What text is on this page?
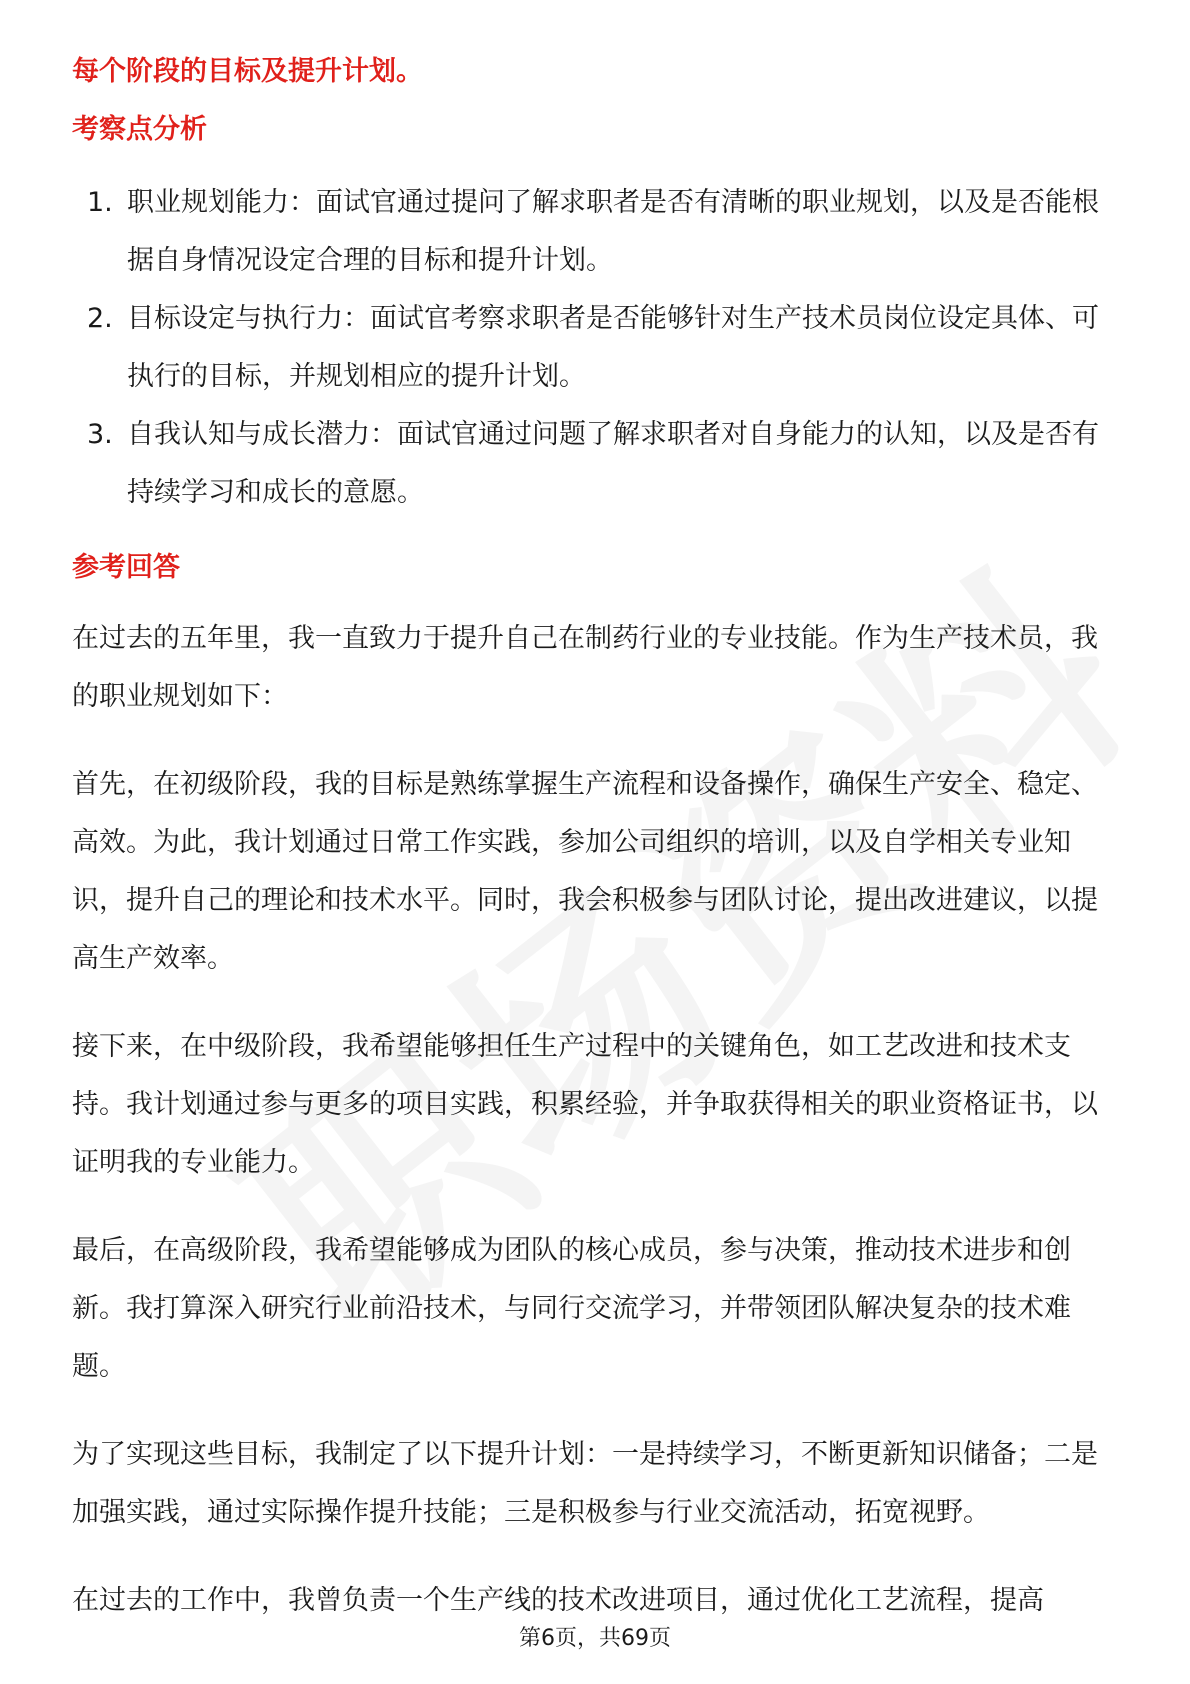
每个阶段的目标及提升计划。

考察点分析

1. 职业规划能力：面试官通过提问了解求职者是否有清晰的职业规划，以及是否能根据自身情况设定合理的目标和提升计划。
2. 目标设定与执行力：面试官考察求职者是否能够针对生产技术员岗位设定具体、可执行的目标，并规划相应的提升计划。
3. 自我认知与成长潜力：面试官通过问题了解求职者对自身能力的认知，以及是否有持续学习和成长的意愿。

参考回答

在过去的五年里，我一直致力于提升自己在制药行业的专业技能。作为生产技术员，我的职业规划如下：

首先，在初级阶段，我的目标是熟练掌握生产流程和设备操作，确保生产安全、稳定、高效。为此，我计划通过日常工作实践，参加公司组织的培训，以及自学相关专业知识，提升自己的理论和技术水平。同时，我会积极参与团队讨论，提出改进建议，以提高生产效率。

接下来，在中级阶段，我希望能够担任生产过程中的关键角色，如工艺改进和技术支持。我计划通过参与更多的项目实践，积累经验，并争取获得相关的职业资格证书，以证明我的专业能力。

最后，在高级阶段，我希望能够成为团队的核心成员，参与决策，推动技术进步和创新。我打算深入研究行业前沿技术，与同行交流学习，并带领团队解决复杂的技术难题。

为了实现这些目标，我制定了以下提升计划：一是持续学习，不断更新知识储备；二是加强实践，通过实际操作提升技能；三是积极参与行业交流活动，拓宽视野。

在过去的工作中，我曾负责一个生产线的技术改进项目，通过优化工艺流程，提高

第6页，共69页
